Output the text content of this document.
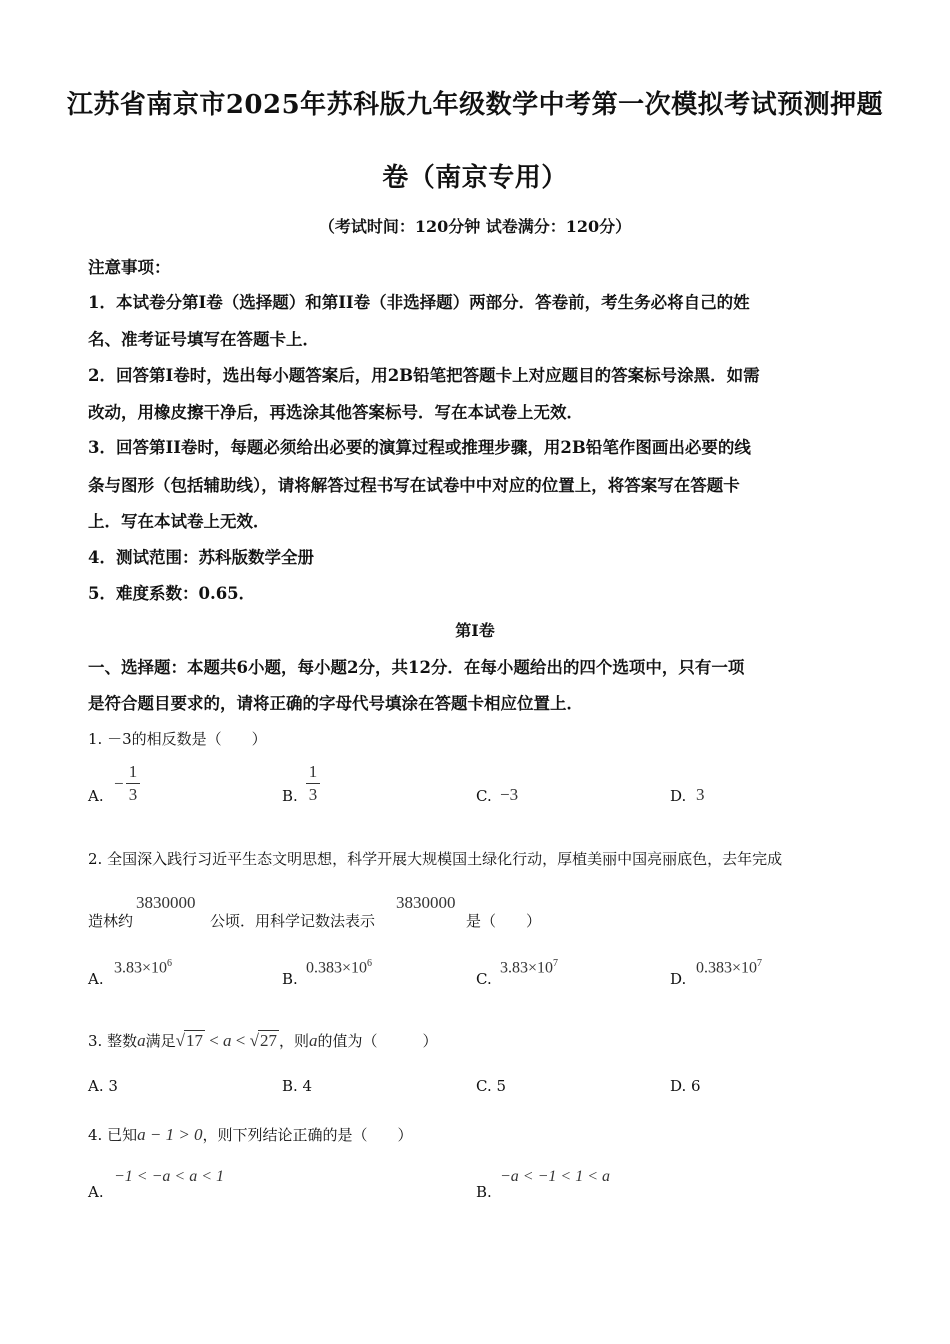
江苏省南京市2025年苏科版九年级数学中考第一次模拟考试预测押题
卷（南京专用）
（考试时间：120分钟 试卷满分：120分）
注意事项：
1．本试卷分第I卷（选择题）和第II卷（非选择题）两部分．答卷前，考生务必将自己的姓
名、准考证号填写在答题卡上．
2．回答第I卷时，选出每小题答案后，用2B铅笔把答题卡上对应题目的答案标号涂黑．如需
改动，用橡皮擦干净后，再选涂其他答案标号．写在本试卷上无效．
3．回答第II卷时，每题必须给出必要的演算过程或推理步骤，用2B铅笔作图画出必要的线
条与图形（包括辅助线），请将解答过程书写在试卷中中对应的位置上，将答案写在答题卡
上．写在本试卷上无效．
4．测试范围：苏科版数学全册
5．难度系数：0.65．
第I卷
一、选择题：本题共6小题，每小题2分，共12分．在每小题给出的四个选项中，只有一项
是符合题目要求的，请将正确的字母代号填涂在答题卡相应位置上．
1. －3的相反数是（　　）
A.
−
1
3	B.
1
3	C. −3	D. 3
2. 全国深入践行习近平生态文明思想，科学开展大规模国土绿化行动，厚植美丽中国亮丽底色，去年完成
造林约
3830000
公顷．用科学记数法表示
3830000
是（　　）
A.
$3.83\times 10^6$
B.
$0.383\times 10^6$
C.
$3.83\times 10^7$
D.
$0.383\times 10^7$
3. 整数a满足√17 < a < √27 ，则a的值为（　　　）
A. 3	B. 4	C. 5	D. 6
4. 已知a − 1 > 0，则下列结论正确的是（　　）
A.
−1 < −a < a < 1
B.
−a < −1 < 1 < a
